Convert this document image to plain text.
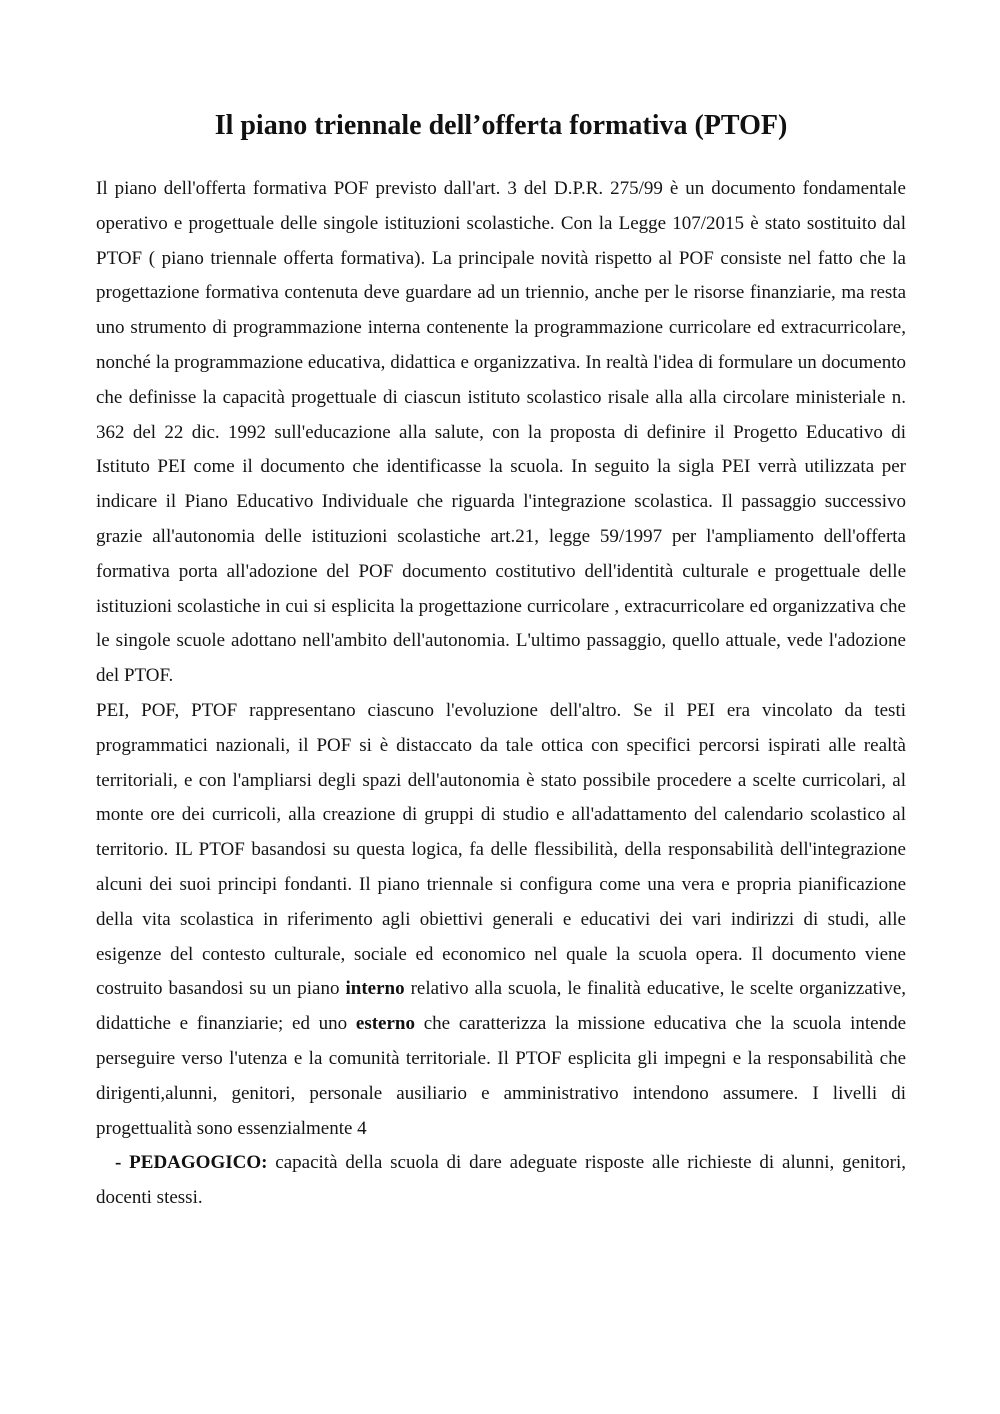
Il piano triennale dell’offerta formativa (PTOF)

Il piano dell'offerta formativa POF previsto dall'art. 3 del D.P.R. 275/99 è un documento fondamentale operativo e progettuale delle singole istituzioni scolastiche. Con la Legge 107/2015 è stato sostituito dal PTOF ( piano triennale offerta formativa). La principale novità rispetto al POF consiste nel fatto che la progettazione formativa contenuta deve guardare ad un triennio, anche per le risorse finanziarie, ma resta uno strumento di programmazione interna contenente la programmazione curricolare ed extracurricolare, nonché la programmazione educativa, didattica e organizzativa. In realtà l'idea di formulare un documento che definisse la capacità progettuale di ciascun istituto scolastico risale alla alla circolare ministeriale n. 362 del 22 dic. 1992 sull'educazione alla salute, con la proposta di definire il Progetto Educativo di Istituto PEI come il documento che identificasse la scuola. In seguito la sigla PEI verrà utilizzata per indicare il Piano Educativo Individuale che riguarda l'integrazione scolastica. Il passaggio successivo grazie all'autonomia delle istituzioni scolastiche art.21, legge 59/1997 per l'ampliamento dell'offerta formativa porta all'adozione del POF documento costitutivo dell'identità culturale e progettuale delle istituzioni scolastiche in cui si esplicita la progettazione curricolare , extracurricolare ed organizzativa che le singole scuole adottano nell'ambito dell'autonomia. L'ultimo passaggio, quello attuale, vede l'adozione del PTOF.

PEI, POF, PTOF rappresentano ciascuno l'evoluzione dell'altro. Se il PEI era vincolato da testi programmatici nazionali, il POF si è distaccato da tale ottica con specifici percorsi ispirati alle realtà territoriali, e con l'ampliarsi degli spazi dell'autonomia è stato possibile procedere a scelte curricolari, al monte ore dei curricoli, alla creazione di gruppi di studio e all'adattamento del calendario scolastico al territorio. IL PTOF basandosi su questa logica, fa delle flessibilità, della responsabilità dell'integrazione alcuni dei suoi principi fondanti. Il piano triennale si configura come una vera e propria pianificazione della vita scolastica in riferimento agli obiettivi generali e educativi dei vari indirizzi di studi, alle esigenze del contesto culturale, sociale ed economico nel quale la scuola opera. Il documento viene costruito basandosi su un piano interno relativo alla scuola, le finalità educative, le scelte organizzative, didattiche e finanziarie; ed uno esterno che caratterizza la missione educativa che la scuola intende perseguire verso l'utenza e la comunità territoriale. Il PTOF esplicita gli impegni e la responsabilità che dirigenti,alunni, genitori, personale ausiliario e amministrativo intendono assumere. I livelli di progettualità sono essenzialmente 4

- PEDAGOGICO: capacità della scuola di dare adeguate risposte alle richieste di alunni, genitori, docenti stessi.
